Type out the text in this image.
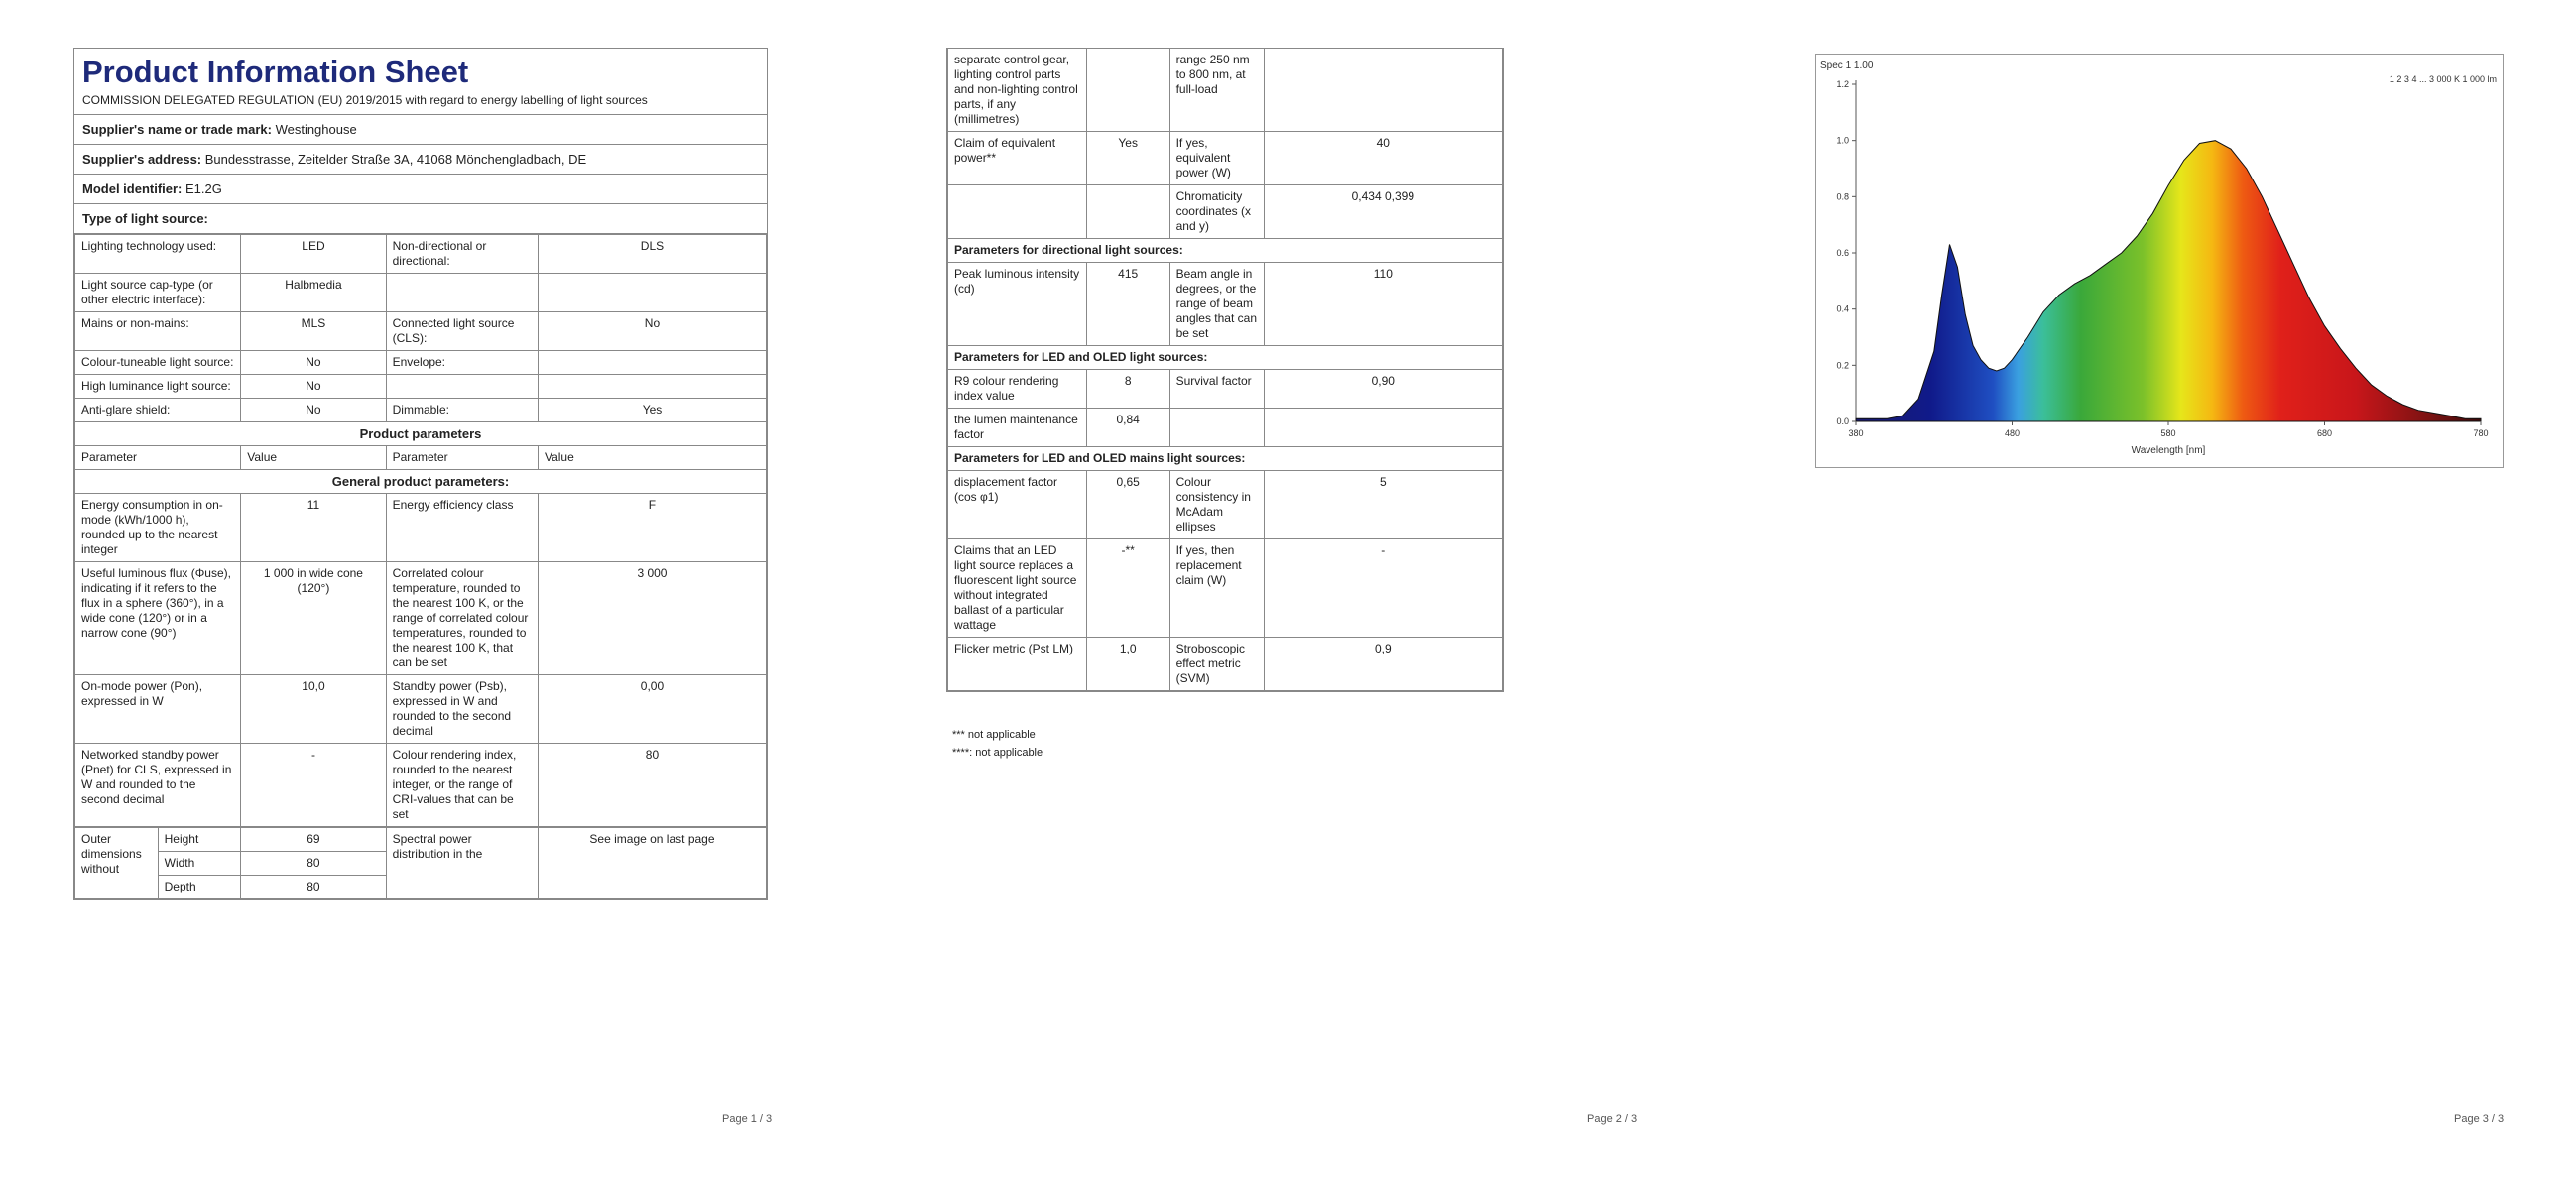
Product Information Sheet
COMMISSION DELEGATED REGULATION (EU) 2019/2015 with regard to energy labelling of light sources
Supplier's name or trade mark: Westinghouse
Supplier's address: Bundesstrasse, Zeitelder Straße 3A, 41068 Mönchengladbach, DE
Model identifier: E1.2G
Type of light source:
Lighting technology used:	LED	Non-directional or directional:	DLS
Light source cap-type (or other electric interface):	Halbmedia		
Mains or non-mains:	MLS	Connected light source (CLS):	No
Colour-tuneable light source:	No	Envelope:	
High luminance light source:	No		
Anti-glare shield:	No	Dimmable:	Yes
Product parameters			
Parameter	Value	Parameter	Value
General product parameters:			
Energy consumption in on-mode (kWh/1000 h), rounded up to the nearest integer	11	Energy efficiency class	F
Useful luminous flux (Φuse), indicating if it refers to the flux in a sphere (360°), in a wide cone (120°) or in a narrow cone (90°)	1 000 in wide cone (120°)	Correlated colour temperature, rounded to the nearest 100 K, or the range of correlated colour temperatures, rounded to the nearest 100 K, that can be set	3 000
On-mode power (Pon), expressed in W	10,0	Standby power (Psb), expressed in W and rounded to the second decimal	0,00
Networked standby power (Pnet) for CLS, expressed in W and rounded to the second decimal	-	Colour rendering index, rounded to the nearest integer, or the range of CRI-values that can be set	80
Outer dimensions without	Height	69	Spectral power distribution in the	See image on last page
	Width	80		
	Depth	80		
Page 1 / 3
separate control gear, lighting control parts and non-lighting control parts, if any (millimetres)		range 250 nm to 800 nm, at full-load	
Claim of equivalent power**	Yes	If yes, equivalent power (W)	40
		Chromaticity coordinates (x and y)	0,434 0,399
Parameters for directional light sources:			
Peak luminous intensity (cd)	415	Beam angle in degrees, or the range of beam angles that can be set	110
Parameters for LED and OLED light sources:			
R9 colour rendering index value	8	Survival factor	0,90
the lumen maintenance factor	0,84		
Parameters for LED and OLED mains light sources:			
displacement factor (cos φ1)	0,65	Colour consistency in McAdam ellipses	5
Claims that an LED light source replaces a fluorescent light source without integrated ballast of a particular wattage	-**	If yes, then replacement claim (W)	-
Flicker metric (Pst LM)	1,0	Stroboscopic effect metric (SVM)	0,9
*** not applicable
****: not applicable
Page 2 / 3
Spec 1 1.00
1 2 3 4 ... 3 000 K 1 000 lm
380	480	580	680	780
0.0
0.2
0.4
0.6
0.8
1.0
1.2
Wavelength [nm]
Page 3 / 3
